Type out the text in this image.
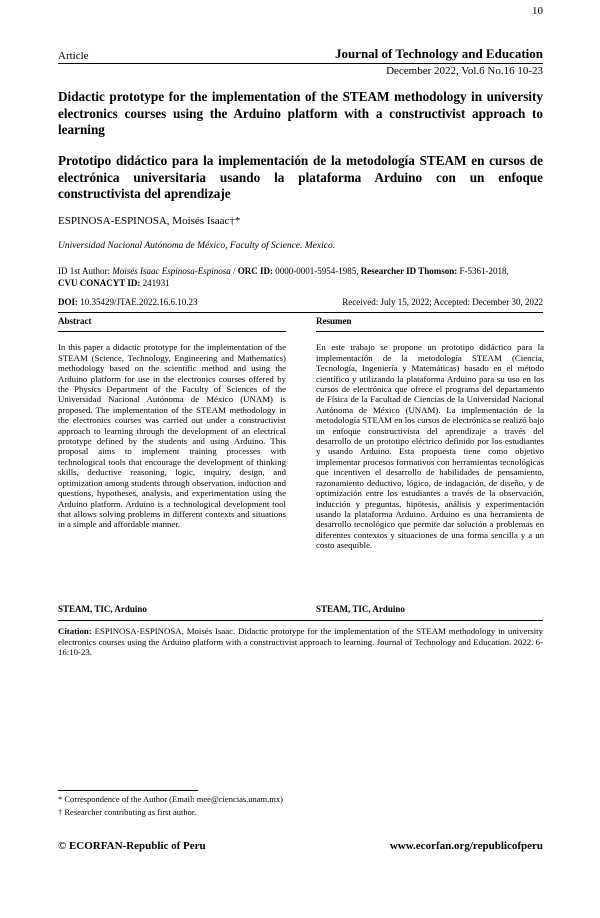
10
Article	Journal of Technology and Education
December 2022, Vol.6 No.16 10-23
Didactic prototype for the implementation of the STEAM methodology in university electronics courses using the Arduino platform with a constructivist approach to learning
Prototipo didáctico para la implementación de la metodología STEAM en cursos de electrónica universitaria usando la plataforma Arduino con un enfoque constructivista del aprendizaje
ESPINOSA-ESPINOSA, Moisés Isaac†*
Universidad Nacional Autónoma de México, Faculty of Science. Mexico.
ID 1st Author: Moisés Isaac Espinosa-Espinosa / ORC ID: 0000-0001-5954-1985, Researcher ID Thomson: F-5361-2018,
CVU CONACYT ID: 241931
DOI: 10.35429/JTAE.2022.16.6.10.23	Received: July 15, 2022; Accepted: December 30, 2022
Abstract
In this paper a didactic prototype for the implementation of the STEAM (Science, Technology, Engineering and Mathematics) methodology based on the scientific method and using the Arduino platform for use in the electronics courses offered by the Physics Department of the Faculty of Sciences of the Universidad Nacional Autónoma de México (UNAM) is proposed. The implementation of the STEAM methodology in the electronics courses was carried out under a constructivist approach to learning through the development of an electrical prototype defined by the students and using Arduino. This proposal aims to implement training processes with technological tools that encourage the development of thinking skills, deductive reasoning, logic, inquiry, design, and optimization among students through observation, induction and questions, hypotheses, analysis, and experimentation using the Arduino platform. Arduino is a technological development tool that allows solving problems in different contexts and situations in a simple and affordable manner.
Resumen
En este trabajo se propone un prototipo didáctico para la implementación de la metodología STEAM (Ciencia, Tecnología, Ingeniería y Matemáticas) basado en el método científico y utilizando la plataforma Arduino para su uso en los cursos de electrónica que ofrece el programa del departamento de Física de la Facultad de Ciencias de la Universidad Nacional Autónoma de México (UNAM). La implementación de la metodología STEAM en los cursos de electrónica se realizó bajo un enfoque constructivista del aprendizaje a través del desarrollo de un prototipo eléctrico definido por los estudiantes y usando Arduino. Esta propuesta tiene como objetivo implementar procesos formativos con herramientas tecnológicas que incentiven el desarrollo de habilidades de pensamiento, razonamiento deductivo, lógico, de indagación, de diseño, y de optimización entre los estudiantes a través de la observación, inducción y preguntas, hipótesis, análisis y experimentación usando la plataforma Arduino. Arduino es una herramienta de desarrollo tecnológico que permite dar solución a problemas en diferentes contextos y situaciones de una forma sencilla y a un costo asequible.
STEAM, TIC, Arduino	STEAM, TIC, Arduino
Citation: ESPINOSA-ESPINOSA, Moisés Isaac. Didactic prototype for the implementation of the STEAM methodology in university electronics courses using the Arduino platform with a constructivist approach to learning. Journal of Technology and Education. 2022. 6-16:10-23.
* Correspondence of the Author (Email: mee@ciencias.unam.mx)
† Researcher contributing as first author.
© ECORFAN-Republic of Peru	www.ecorfan.org/republicofperu
